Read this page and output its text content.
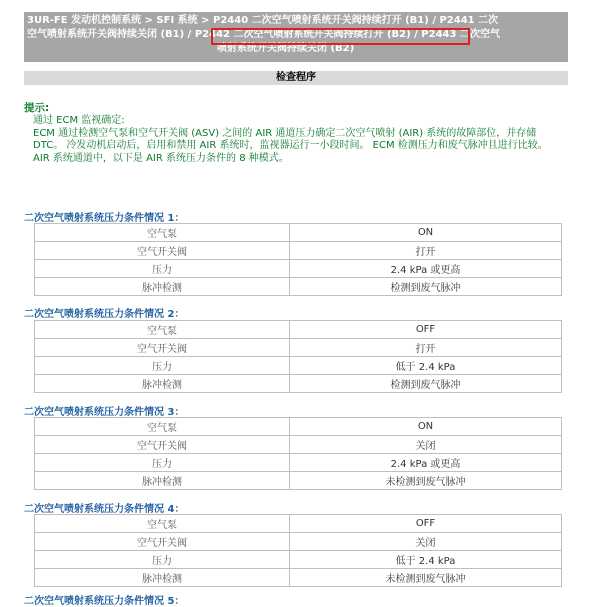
3UR-FE 发动机控制系统 > SFI 系统 > P2440 二次空气喷射系统开关阀持续打开 (B1) / P2441 二次
空气喷射系统开关阀持续关闭 (B1) / P2442 二次空气喷射系统开关阀持续打开 (B2) / P2443 二次空气
喷射系统开关阀持续关闭 (B2)
检查程序
提示:

通过 ECM 监视确定:

ECM 通过检测空气泵和空气开关阀 (ASV) 之间的 AIR 通道压力确定二次空气喷射 (AIR) 系统的故障部位，并存储 DTC。 冷发动机启动后，启用和禁用 AIR 系统时，监视器运行一小段时间。 ECM 检测压力和废气脉冲且进行比较。

AIR 系统通道中，以下是 AIR 系统压力条件的 8 种模式。

二次空气喷射系统压力条件情况 1：
空气泵	ON
空气开关阀	打开
压力	2.4 kPa 或更高
脉冲检测	检测到废气脉冲
二次空气喷射系统压力条件情况 2：
空气泵	OFF
空气开关阀	打开
压力	低于 2.4 kPa
脉冲检测	检测到废气脉冲
二次空气喷射系统压力条件情况 3：
空气泵	ON
空气开关阀	关闭
压力	2.4 kPa 或更高
脉冲检测	未检测到废气脉冲
二次空气喷射系统压力条件情况 4：
空气泵	OFF
空气开关阀	关闭
压力	低于 2.4 kPa
脉冲检测	未检测到废气脉冲
二次空气喷射系统压力条件情况 5：
